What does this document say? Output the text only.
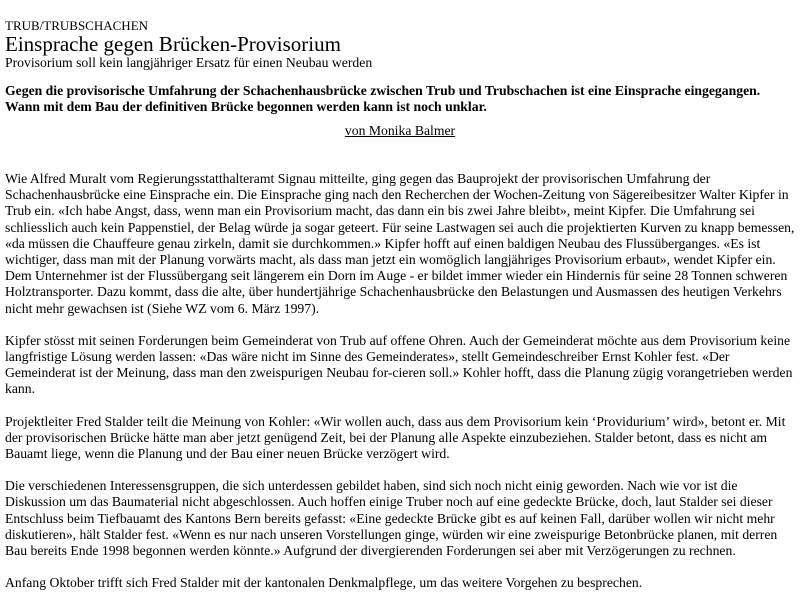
TRUB/TRUBSCHACHEN

Einsprache gegen Brücken-Provisorium

Provisorium soll kein langjähriger Ersatz für einen Neubau werden

Gegen die provisorische Umfahrung der Schachenhausbrücke zwischen Trub und Trubschachen ist eine Einsprache eingegangen. Wann mit dem Bau der definitiven Brücke begonnen werden kann ist noch unklar.

von Monika Balmer

Wie Alfred Muralt vom Regierungsstatthalteramt Signau mitteilte, ging gegen das Bauprojekt der provisorischen Umfahrung der Schachenhausbrücke eine Einsprache ein. Die Einsprache ging nach den Recherchen der Wochen-Zeitung von Sägereibesitzer Walter Kipfer in Trub ein. «Ich habe Angst, dass, wenn man ein Provisorium macht, das dann ein bis zwei Jahre bleibt», meint Kipfer. Die Umfahrung sei schliesslich auch kein Pappenstiel, der Belag würde ja sogar geteert. Für seine Lastwagen sei auch die projektierten Kurven zu knapp bemessen, «da müssen die Chauffeure genau zirkeln, damit sie durchkommen.» Kipfer hofft auf einen baldigen Neubau des Flussüberganges. «Es ist wichtiger, dass man mit der Planung vorwärts macht, als dass man jetzt ein womöglich langjähriges Provisorium erbaut», wendet Kipfer ein. Dem Unternehmer ist der Flussübergang seit längerem ein Dorn im Auge - er bildet immer wieder ein Hindernis für seine 28 Tonnen schweren Holztransporter. Dazu kommt, dass die alte, über hundertjährige Schachenhausbrücke den Belastungen und Ausmassen des heutigen Verkehrs nicht mehr gewachsen ist (Siehe WZ vom 6. März 1997).

Kipfer stösst mit seinen Forderungen beim Gemeinderat von Trub auf offene Ohren. Auch der Gemeinderat möchte aus dem Provisorium keine langfristige Lösung werden lassen: «Das wäre nicht im Sinne des Gemeinderates», stellt Gemeindeschreiber Ernst Kohler fest. «Der Gemeinderat ist der Meinung, dass man den zweispurigen Neubau for-cieren soll.» Kohler hofft, dass die Planung zügig vorangetrieben werden kann.

Projektleiter Fred Stalder teilt die Meinung von Kohler: «Wir wollen auch, dass aus dem Provisorium kein ‘Providurium’ wird», betont er. Mit der provisorischen Brücke hätte man aber jetzt genügend Zeit, bei der Planung alle Aspekte einzubeziehen. Stalder betont, dass es nicht am Bauamt liege, wenn die Planung und der Bau einer neuen Brücke verzögert wird.

Die verschiedenen Interessensgruppen, die sich unterdessen gebildet haben, sind sich noch nicht einig geworden. Nach wie vor ist die Diskussion um das Baumaterial nicht abgeschlossen. Auch hoffen einige Truber noch auf eine gedeckte Brücke, doch, laut Stalder sei dieser Entschluss beim Tiefbauamt des Kantons Bern bereits gefasst: «Eine gedeckte Brücke gibt es auf keinen Fall, darüber wollen wir nicht mehr diskutieren», hält Stalder fest. «Wenn es nur nach unseren Vorstellungen ginge, würden wir eine zweispurige Betonbrücke planen, mit derren Bau bereits Ende 1998 begonnen werden könnte.» Aufgrund der divergierenden Forderungen sei aber mit Verzögerungen zu rechnen.

Anfang Oktober trifft sich Fred Stalder mit der kantonalen Denkmalpflege, um das weitere Vorgehen zu besprechen.
